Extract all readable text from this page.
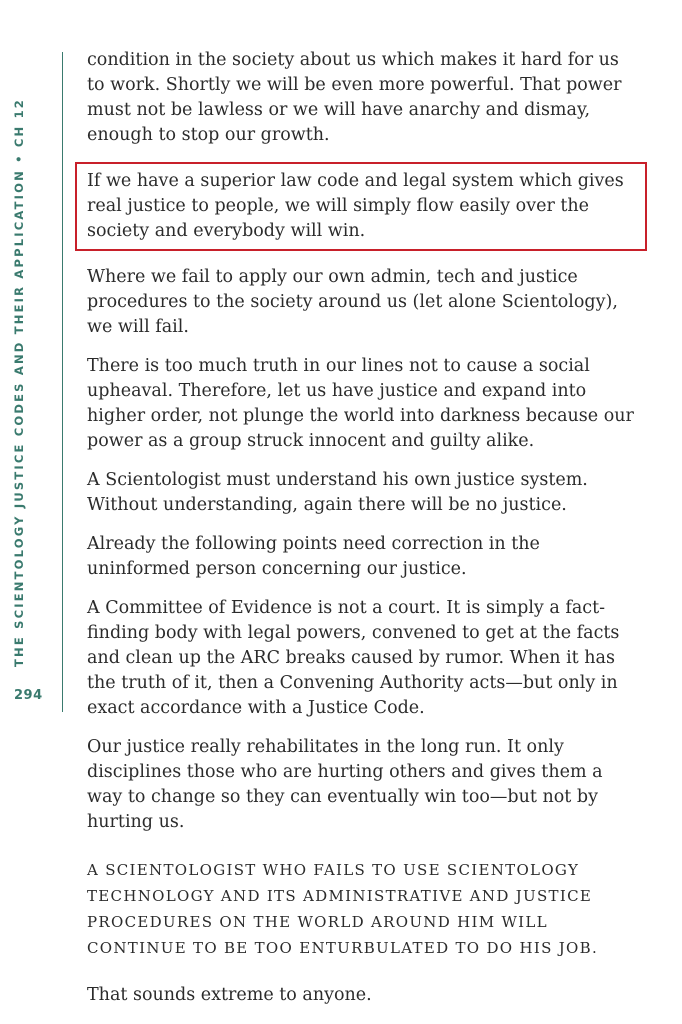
THE SCIENTOLOGY JUSTICE CODES AND THEIR APPLICATION • CH 12
294

condition in the society about us which makes it hard for us to work. Shortly we will be even more powerful. That power must not be lawless or we will have anarchy and dismay, enough to stop our growth.

If we have a superior law code and legal system which gives real justice to people, we will simply flow easily over the society and everybody will win.

Where we fail to apply our own admin, tech and justice procedures to the society around us (let alone Scientology), we will fail.

There is too much truth in our lines not to cause a social upheaval. Therefore, let us have justice and expand into higher order, not plunge the world into darkness because our power as a group struck innocent and guilty alike.

A Scientologist must understand his own justice system. Without understanding, again there will be no justice.

Already the following points need correction in the uninformed person concerning our justice.

A Committee of Evidence is not a court. It is simply a fact-finding body with legal powers, convened to get at the facts and clean up the ARC breaks caused by rumor. When it has the truth of it, then a Convening Authority acts—but only in exact accordance with a Justice Code.

Our justice really rehabilitates in the long run. It only disciplines those who are hurting others and gives them a way to change so they can eventually win too—but not by hurting us.

A SCIENTOLOGIST WHO FAILS TO USE SCIENTOLOGY TECHNOLOGY AND ITS ADMINISTRATIVE AND JUSTICE PROCEDURES ON THE WORLD AROUND HIM WILL CONTINUE TO BE TOO ENTURBULATED TO DO HIS JOB.

That sounds extreme to anyone.
